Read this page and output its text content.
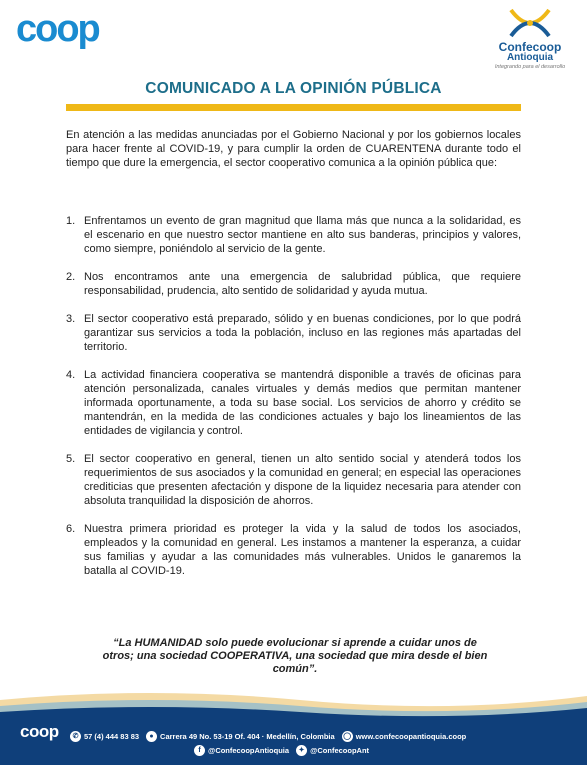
coop	Confecoop
Antioquia
Integrando para el desarrollo
COMUNICADO A LA OPINIÓN PÚBLICA
En atención a las medidas anunciadas por el Gobierno Nacional y por los gobiernos locales para hacer frente al COVID-19, y para cumplir la orden de CUARENTENA durante todo el tiempo que dure la emergencia, el sector cooperativo comunica a la opinión pública que:
1. Enfrentamos un evento de gran magnitud que llama más que nunca a la solidaridad, es el escenario en que nuestro sector mantiene en alto sus banderas, principios y valores, como siempre, poniéndolo al servicio de la gente.
2. Nos encontramos ante una emergencia de salubridad pública, que requiere responsabilidad, prudencia, alto sentido de solidaridad y ayuda mutua.
3. El sector cooperativo está preparado, sólido y en buenas condiciones, por lo que podrá garantizar sus servicios a toda la población, incluso en las regiones más apartadas del territorio.
4. La actividad financiera cooperativa se mantendrá disponible a través de oficinas para atención personalizada, canales virtuales y demás medios que permitan mantener informada oportunamente, a toda su base social. Los servicios de ahorro y crédito se mantendrán, en la medida de las condiciones actuales y bajo los lineamientos de las entidades de vigilancia y control.
5. El sector cooperativo en general, tienen un alto sentido social y atenderá todos los requerimientos de sus asociados y la comunidad en general; en especial las operaciones crediticias que presenten afectación y dispone de la liquidez necesaria para atender con absoluta tranquilidad la disposición de ahorros.
6. Nuestra primera prioridad es proteger la vida y la salud de todos los asociados, empleados y la comunidad en general. Les instamos a mantener la esperanza, a cuidar sus familias y ayudar a las comunidades más vulnerables. Unidos le ganaremos la batalla al COVID-19.
“La HUMANIDAD solo puede evolucionar si aprende a cuidar unos de otros; una sociedad COOPERATIVA, una sociedad que mira desde el bien común”.
coop	✆ 57 (4) 444 83 83	● Carrera 49 No. 53-19 Of. 404 · Medellín, Colombia ◯ www.confecoopantioquia.coop
f @ConfecoopAntioquia	✦ @ConfecoopAnt
